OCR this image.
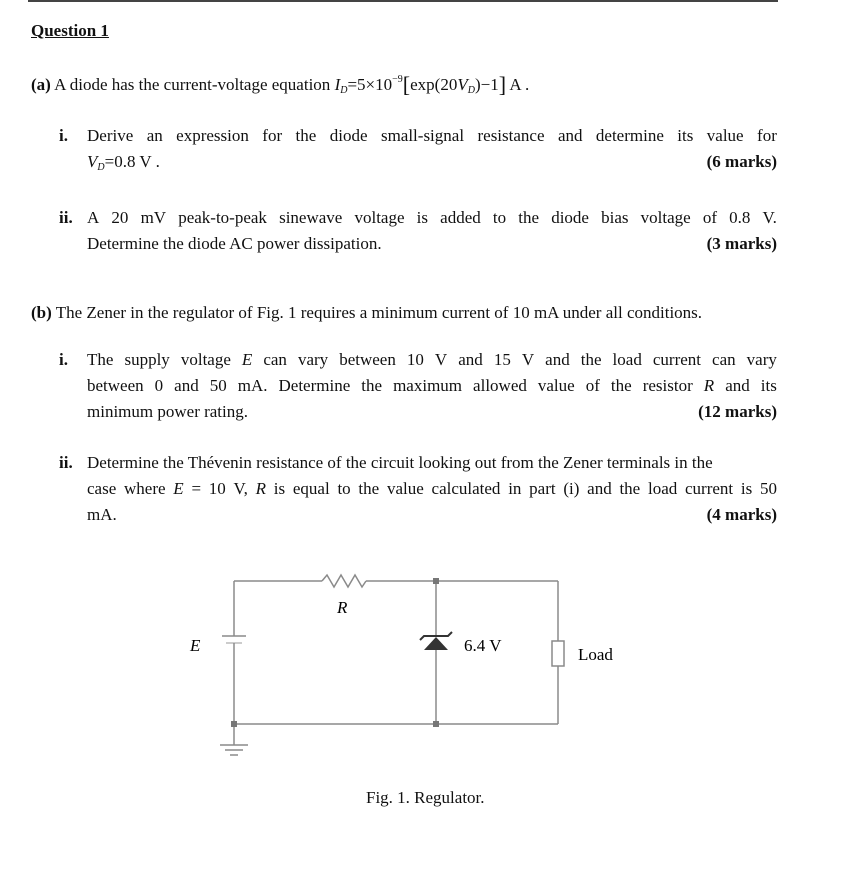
Question 1
(a) A diode has the current-voltage equation $I_D=5\times 10^{-9}[\exp(20V_D)-1]$ A .
i. Derive an expression for the diode small-signal resistance and determine its value for
$V_D=0.8$ V .	(6 marks)
ii. A 20 mV peak-to-peak sinewave voltage is added to the diode bias voltage of 0.8 V.
Determine the diode AC power dissipation.	(3 marks)
(b) The Zener in the regulator of Fig. 1 requires a minimum current of 10 mA under all conditions.
i. The supply voltage E can vary between 10 V and 15 V and the load current can vary
between 0 and 50 mA. Determine the maximum allowed value of the resistor R and its
minimum power rating.	(12 marks)
ii. Determine the Thévenin resistance of the circuit looking out from the Zener terminals in the
case where E = 10 V, R is equal to the value calculated in part (i) and the load current is 50
mA.	(4 marks)
R
E	6.4 V	Load
Fig. 1. Regulator.
